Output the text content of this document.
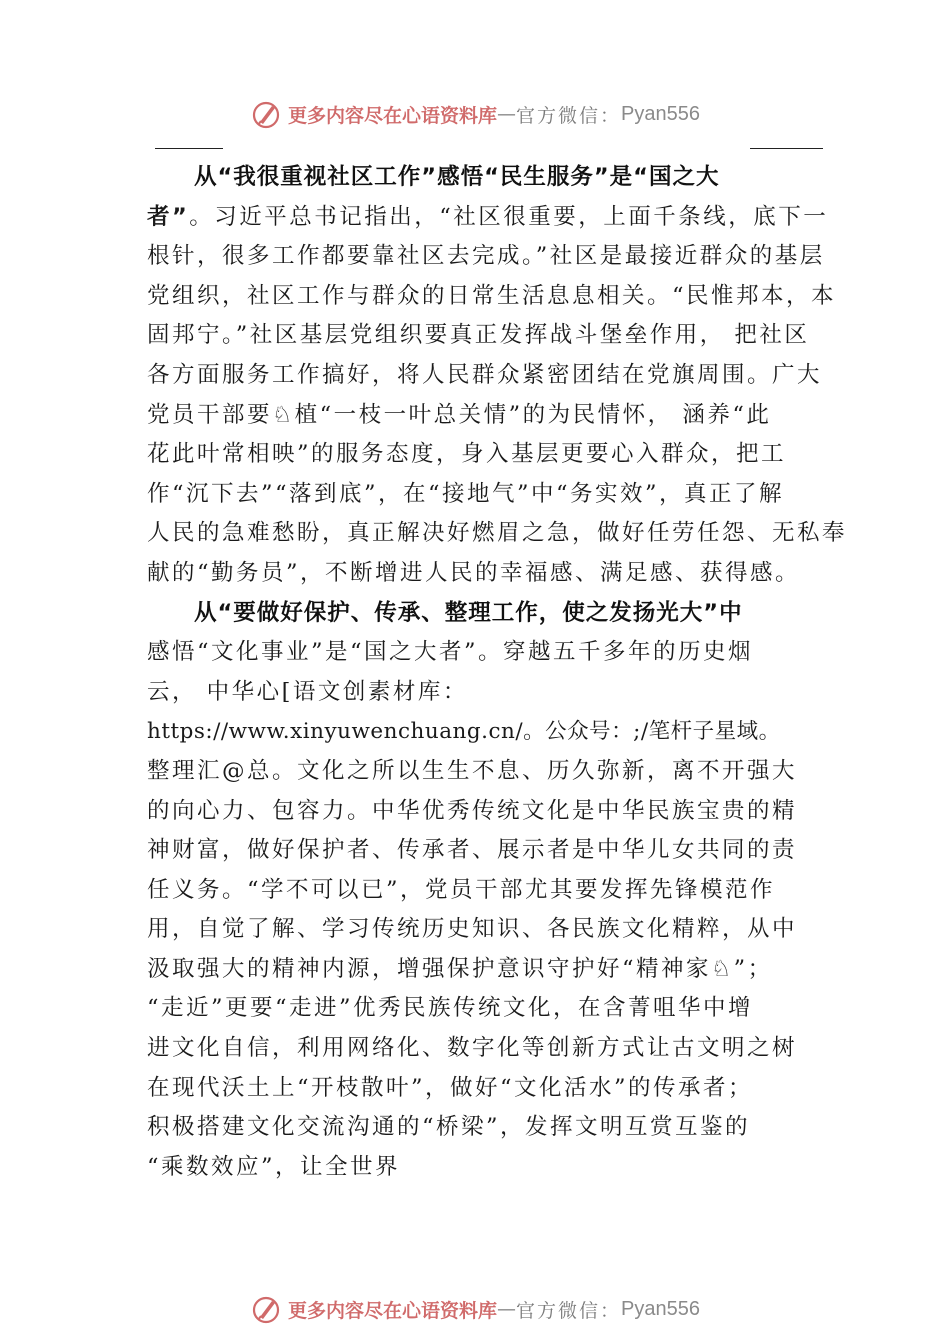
更多内容尽在心语资料库 — 官方微信： Pyan556
从“我很重视社区工作”感悟“民生服务”是“国之大
者”。习近平总书记指出，“社区很重要，上面千条线，底下一
根针，很多工作都要靠社区去完成。”社区是最接近群众的基层
党组织，社区工作与群众的日常生活息息相关。“民惟邦本，本
固邦宁。”社区基层党组织要真正发挥战斗堡垒作用， 把社区
各方面服务工作搞好，将人民群众紧密团结在党旗周围。广大
党员干部要♘植“一枝一叶总关情”的为民情怀， 涵养“此
花此叶常相映”的服务态度，身入基层更要心入群众，把工
作“沉下去”“落到底”，在“接地气”中“务实效”，真正了解
人民的急难愁盼，真正解决好燃眉之急，做好任劳任怨、无私奉
献的“勤务员”，不断增进人民的幸福感、满足感、获得感。
从“要做好保护、传承、整理工作，使之发扬光大”中
感悟“文化事业”是“国之大者”。穿越五千多年的历史烟
云， 中华心[语文创素材库：
https://www.xinyuwenchuang.cn/。公众号：;/笔杆子星域。
整理汇@总。文化之所以生生不息、历久弥新，离不开强大
的向心力、包容力。中华优秀传统文化是中华民族宝贵的精
神财富，做好保护者、传承者、展示者是中华儿女共同的责
任义务。“学不可以已”，党员干部尤其要发挥先锋模范作
用，自觉了解、学习传统历史知识、各民族文化精粹，从中
汲取强大的精神内源，增强保护意识守护好“精神家♘”；
“走近”更要“走进”优秀民族传统文化，在含菁咀华中增
进文化自信，利用网络化、数字化等创新方式让古文明之树
在现代沃土上“开枝散叶”，做好“文化活水”的传承者；
积极搭建文化交流沟通的“桥梁”，发挥文明互赏互鉴的
“乘数效应”，让全世界
更多内容尽在心语资料库 — 官方微信： Pyan556
